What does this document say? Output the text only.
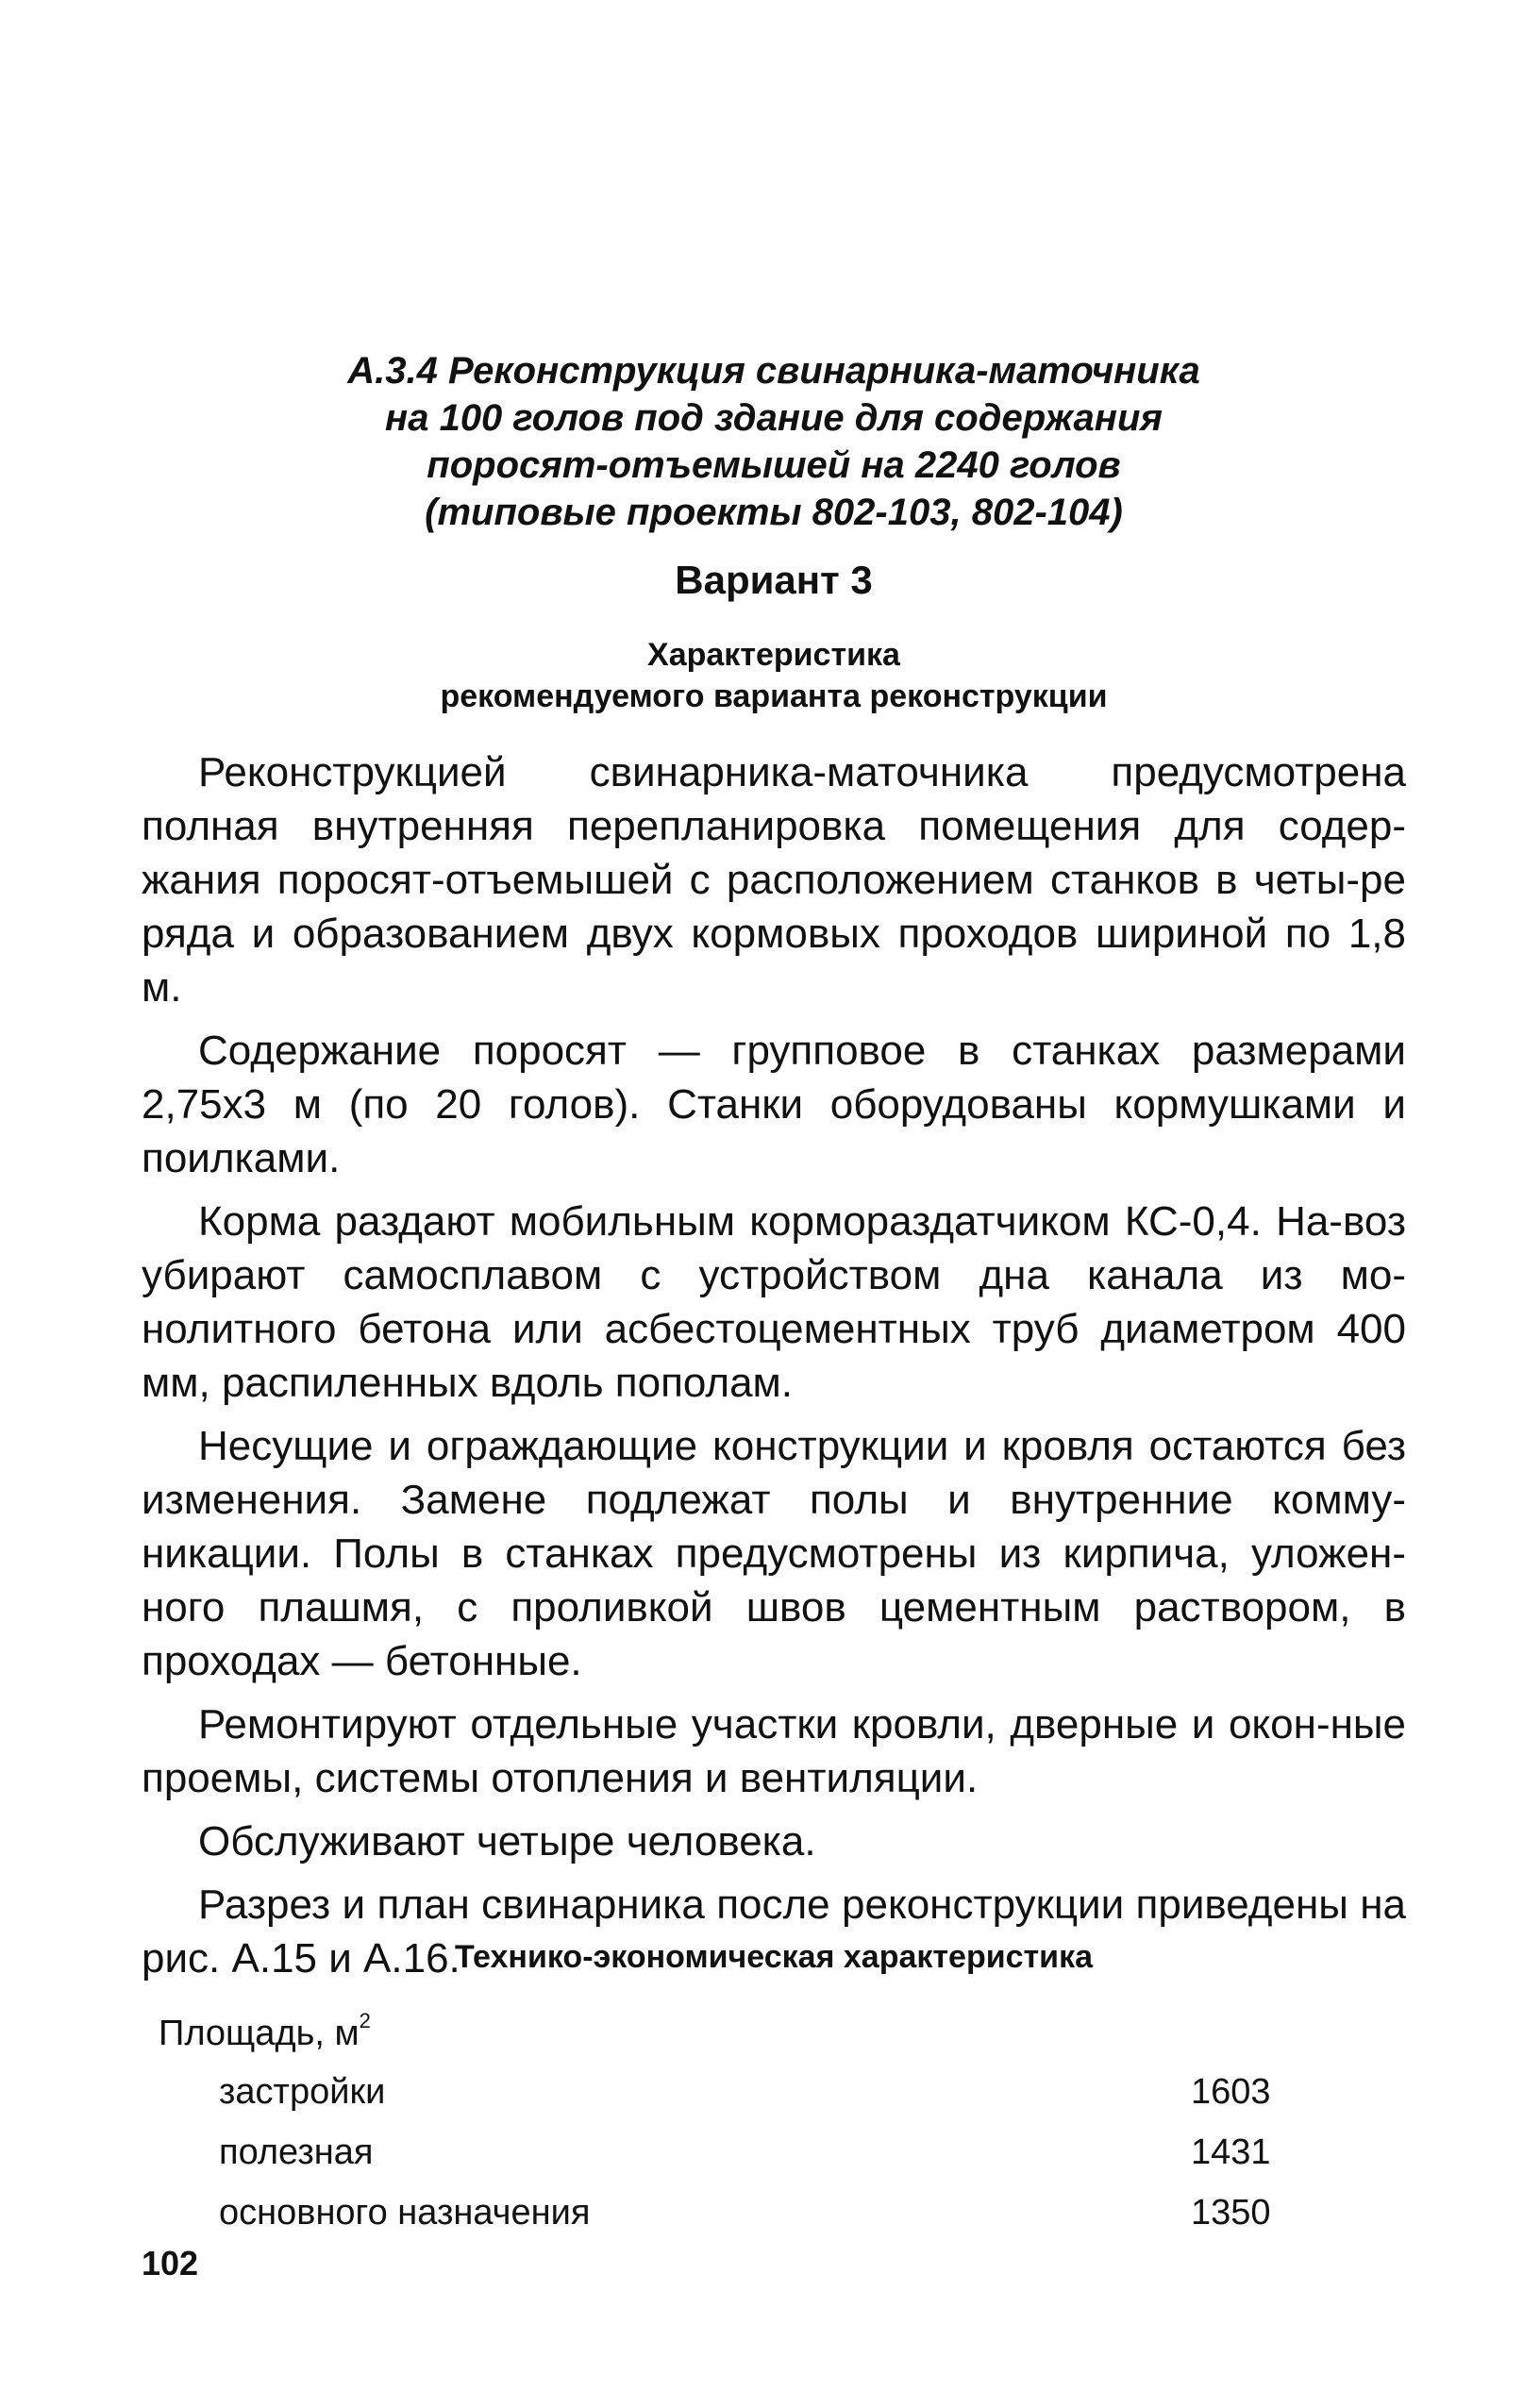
А.3.4 Реконструкция свинарника-маточника
на 100 голов под здание для содержания
поросят-отъемышей на 2240 голов
(типовые проекты 802-103, 802-104)
Вариант 3
Характеристика
рекомендуемого варианта реконструкции

Реконструкцией свинарника-маточника предусмотрена полная внутренняя перепланировка помещения для содер-жания поросят-отъемышей с расположением станков в четы-ре ряда и образованием двух кормовых проходов шириной по 1,8 м.

Содержание поросят — групповое в станках размерами 2,75х3 м (по 20 голов). Станки оборудованы кормушками и поилками.

Корма раздают мобильным кормораздатчиком КС-0,4. На-воз убирают самосплавом с устройством дна канала из мо-нолитного бетона или асбестоцементных труб диаметром 400 мм, распиленных вдоль пополам.

Несущие и ограждающие конструкции и кровля остаются без изменения. Замене подлежат полы и внутренние комму-никации. Полы в станках предусмотрены из кирпича, уложен-ного плашмя, с проливкой швов цементным раствором, в проходах — бетонные.

Ремонтируют отдельные участки кровли, дверные и окон-ные проемы, системы отопления и вентиляции.

Обслуживают четыре человека.

Разрез и план свинарника после реконструкции приведены на рис. А.15 и А.16.

Технико-экономическая характеристика
Площадь, $м^2$
застройки	1603
полезная	1431
основного назначения	1350
102
